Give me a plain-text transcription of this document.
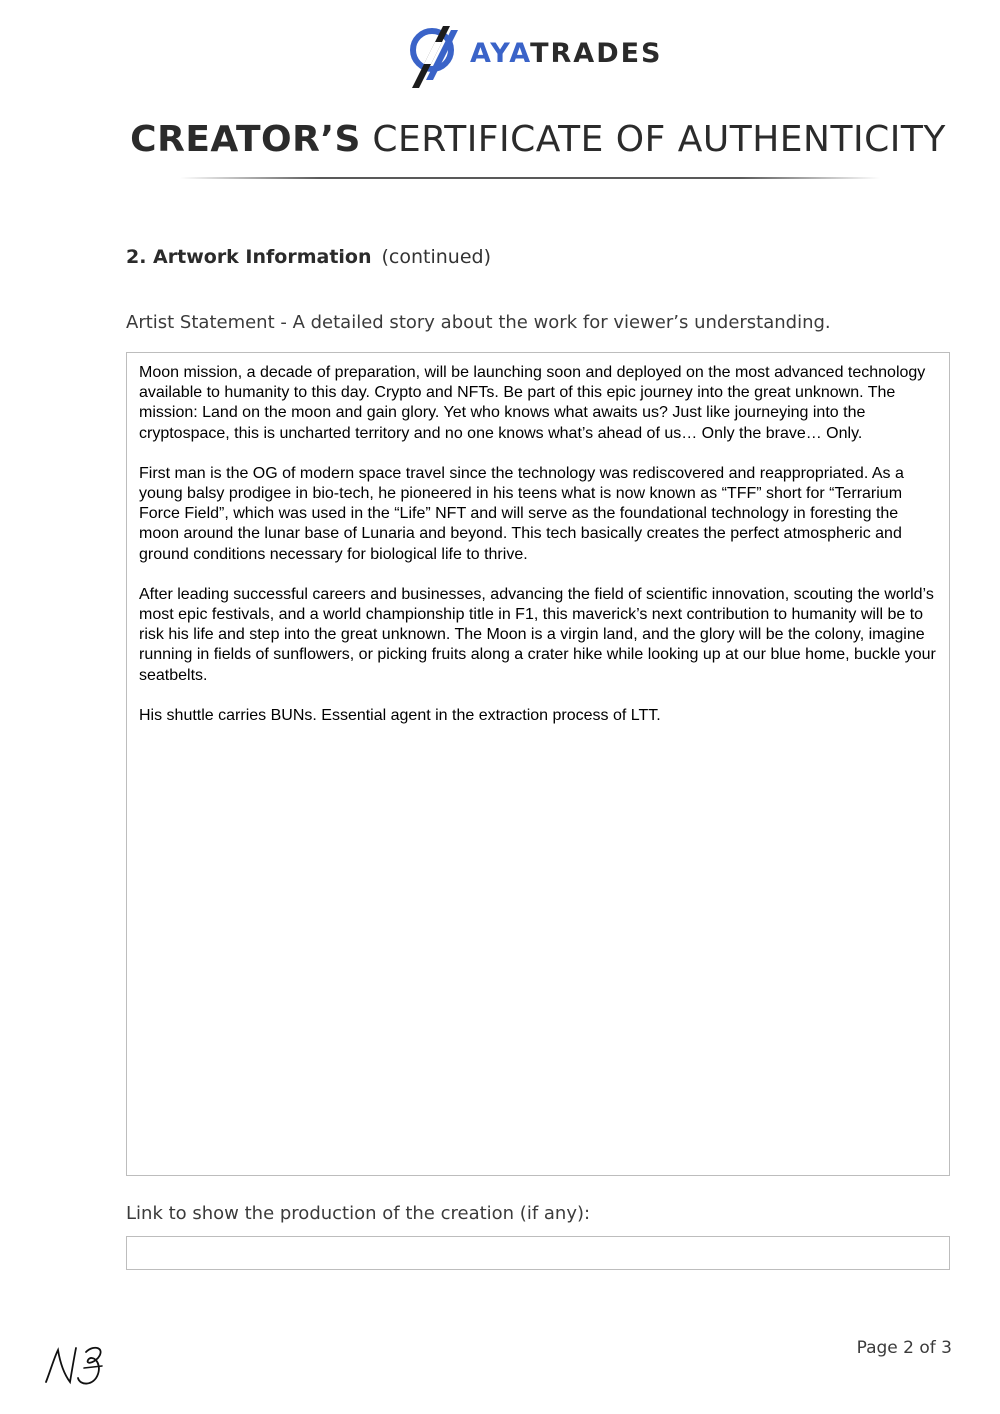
AYATRADES
CREATOR’S CERTIFICATE OF AUTHENTICITY
2. Artwork Information (continued)
Artist Statement - A detailed story about the work for viewer’s understanding.

Moon mission, a decade of preparation, will be launching soon and deployed on the most advanced technology available to humanity to this day. Crypto and NFTs. Be part of this epic journey into the great unknown. The mission: Land on the moon and gain glory. Yet who knows what awaits us? Just like journeying into the cryptospace, this is uncharted territory and no one knows what’s ahead of us… Only the brave… Only.

First man is the OG of modern space travel since the technology was rediscovered and reappropriated. As a young balsy prodigee in bio-tech, he pioneered in his teens what is now known as “TFF” short for “Terrarium Force Field”, which was used in the “Life” NFT and will serve as the foundational technology in foresting the moon around the lunar base of Lunaria and beyond. This tech basically creates the perfect atmospheric and ground conditions necessary for biological life to thrive.

After leading successful careers and businesses, advancing the field of scientific innovation, scouting the world’s most epic festivals, and a world championship title in F1, this maverick’s next contribution to humanity will be to risk his life and step into the great unknown. The Moon is a virgin land, and the glory will be the colony, imagine running in fields of sunflowers, or picking fruits along a crater hike while looking up at our blue home, buckle your seatbelts.

His shuttle carries BUNs. Essential agent in the extraction process of LTT.

Link to show the production of the creation (if any):
Page 2 of 3
